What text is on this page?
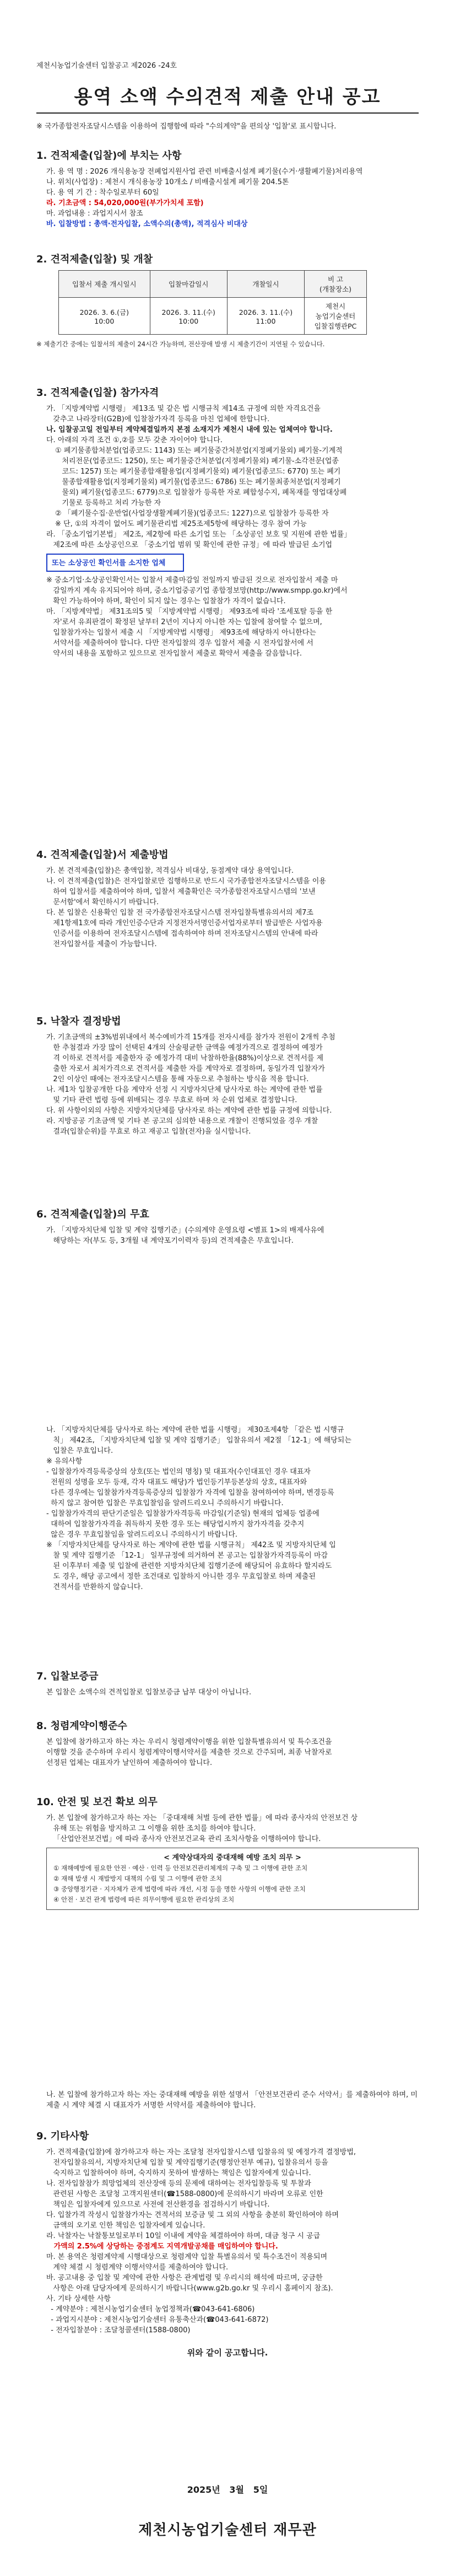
제천시농업기술센터 입찰공고 제2026 -24호
용역 소액 수의견적 제출 안내 공고
※ 국가종합전자조달시스템을 이용하여 집행함에 따라 "수의계약"을 편의상 '입찰'로 표시합니다.

1. 견적제출(입찰)에 부치는 사항

가. 용 역 명 : 2026 개식용농장 전폐업지원사업 관련 비배출시설계 폐기물(수거·생활폐기물)처리용역

나. 위치(사업장) : 제천시 개식용농장 10개소 / 비배출시설계 폐기물 204.5톤

다. 용 역 기 간 : 착수일로부터 60일

라. 기초금액 : 54,020,000원(부가가치세 포함)

마. 과업내용 : 과업지시서 참조

바. 입찰방법 : 총액·전자입찰, 소액수의(총액), 적격심사 비대상

2. 견적제출(입찰) 및 개찰

입찰서 제출 개시일시	입찰마감일시	개찰일시	비 고
(개찰장소)
2026. 3. 6.(금)
10:00	2026. 3. 11.(수)
10:00	2026. 3. 11.(수)
11:00	제천시
농업기술센터
입찰집행관PC

※ 제출기간 중에는 입찰서의 제출이 24시간 가능하며, 전산장애 발생 시 제출기간이 지연될 수 있습니다.

3. 견적제출(입찰) 참가자격

가. 「지방계약법 시행령」 제13조 및 같은 법 시행규칙 제14조 규정에 의한 자격요건을

갖추고 나라장터(G2B)에 입찰참가자격 등록을 마친 업체에 한합니다.

나. 입찰공고일 전일부터 계약체결일까지 본점 소재지가 제천시 내에 있는 업체여야 합니다.

다. 아래의 자격 조건 ①,②를 모두 갖춘 자이어야 합니다.

① 폐기물종합처분업(업종코드: 1143) 또는 폐기물중간처분업(지정폐기물외) 폐기물-기계적

처리전문(업종코드: 1250), 또는 폐기물중간처분업(지정폐기물외) 폐기물-소각전문(업종

코드: 1257) 또는 폐기물종합재활용업(지정폐기물외) 폐기물(업종코드: 6770) 또는 폐기

물종합재활용업(지정폐기물외) 폐기물(업종코드: 6786) 또는 폐기물최종처분업(지정폐기

물외) 폐기물(업종코드: 6779)으로 입찰참가 등록한 자로 폐합성수지, 폐목재를 영업대상폐

기물로 등록하고 처리 가능한 자

② 「폐기물수집·운반업(사업장생활계폐기물)(업종코드: 1227)으로 입찰참가 등록한 자

※ 단, ①의 자격이 없어도 폐기물관리법 제25조제5항에 해당하는 경우 참여 가능

라. 「중소기업기본법」 제2조, 제2항에 따른 소기업 또는 「소상공인 보호 및 지원에 관한 법률」

제2조에 따른 소상공인으로 「중소기업 범위 및 확인에 관한 규정」에 따라 발급된 소기업

또는 소상공인 확인서를 소지한 업체

※ 중소기업·소상공인확인서는 입찰서 제출마감일 전일까지 발급된 것으로 전자입찰서 제출 마

감일까지 계속 유지되어야 하며, 중소기업중공기업 종합정보망(http://www.smpp.go.kr)에서

확인 가능하여야 하며, 확인이 되지 않는 경우는 입찰참가 자격이 없습니다.

마. 「지방계약법」 제31조의5 및 「지방계약법 시행령」 제93조에 따라 '조세포탈 등을 한

자'로서 유죄판결이 확정된 날부터 2년이 지나지 아니한 자는 입찰에 참여할 수 없으며,

입찰참가자는 입찰서 제출 시 「지방계약법 시행령」 제93조에 해당하지 아니한다는

서약서를 제출하여야 합니다. 다만 전자입찰의 경우 입찰서 제출 시 전자입찰서에 서

약서의 내용을 포함하고 있으므로 전자입찰서 제출로 확약서 제출을 갈음합니다.

4. 견적제출(입찰)서 제출방법

가. 본 견적제출(입찰)은 총액입찰, 적격심사 비대상, 동점계약 대상 용역입니다.

나. 이 견적제출(입찰)은 전자입찰로만 집행하므로 반드시 국가종합전자조달시스템을 이용

하여 입찰서를 제출하여야 하며, 입찰서 제출확인은 국가종합전자조달시스템의 '보낸

문서함'에서 확인하시기 바랍니다.

다. 본 입찰은 신용확인 입찰 전 국가종합전자조달시스템 전자입찰특별유의서의 제7조

제1항제1호에 따라 개인인증수단과 지정전자서명인증서업자로부터 발급받은 사업자용

인증서를 이용하여 전자조달시스템에 접속하여야 하며 전자조달시스템의 안내에 따라

전자입찰서를 제출이 가능합니다.

5. 낙찰자 결정방법

가. 기초금액의 ±3%범위내에서 복수예비가격 15개를 전자시세를 참가자 전원이 2개씩 추첨

한 추첨결과 가장 많이 선택된 4개의 산술평균한 금액을 예정가격으로 결정하여 예정가

격 이하로 견적서를 제출한자 중 예정가격 대비 낙찰하한율(88%)이상으로 견적서를 제

출한 자로서 최저가격으로 견적서를 제출한 자를 계약자로 결정하며, 동일가격 입찰자가

2인 이상인 때에는 전자조달시스템을 통해 자동으로 추첨하는 방식을 적용 합니다.

나. 제1차 입찰공개한 다음 계약자 선정 시 지방자치단체 당사자로 하는 계약에 관한 법률

및 기타 관련 법령 등에 위배되는 경우 무효로 하며 차 순위 업체로 결정합니다.

다. 위 사항이외의 사항은 지방자치단체를 당사자로 하는 계약에 관한 법률 규정에 의합니다.

라. 지방공공 기초금액 및 기타 본 공고의 심의한 내용으로 개찰이 진행되었을 경우 개찰

결과(입찰순위)를 무효로 하고 재공고 입찰(전자)을 실시합니다.

6. 견적제출(입찰)의 무효

가. 「지방자치단체 입찰 및 계약 집행기준」(수의계약 운영요령 <별표 1>의 배제사유에

해당하는 자(부도 등, 3개월 내 계약포기이력자 등)의 견적제출은 무효입니다.

나. 「지방자치단체를 당사자로 하는 계약에 관한 법률 시행령」 제30조제4항 「같은 법 시행규

칙」 제42조, 「지방자치단체 입찰 및 계약 집행기준」 입찰유의서 제2절 「12-1」에 해당되는

입찰은 무효입니다.

※ 유의사항

- 입찰참가자격등록증상의 상호(또는 법인의 명칭) 및 대표자(수인대표인 경우 대표자

전원의 성명을 모두 등재, 각자 대표도 해당)가 법인등기부등본상의 상호, 대표자와

다른 경우에는 입찰참가자격등록증상의 입찰참가 자격에 입찰을 참여하여야 하며, 변경등록

하지 않고 참여한 입찰은 무효입찰임을 알려드리오니 주의하시기 바랍니다.

- 입찰참가자격의 판단기준일은 입찰참가자격등록 마감일(기준일) 현재의 업체등 업종에

대하여 입찰참가자격을 취득하지 못한 경우 또는 해당업시까지 참가자격을 갖추지

않은 경우 무효입찰임을 알려드리오니 주의하시기 바랍니다.

※ 「지방자치단체를 당사자로 하는 계약에 관한 법률 시행규칙」 제42조 및 지방자치단체 입

찰 및 계약 집행기준 「12-1」 일부규정에 의거하여 본 공고는 입찰참가자격등록이 마감

된 이후부터 제출 및 입찰에 관련한 지방자치단체 집행기준에 해당되어 유효하다 할지라도

도 경우, 해당 공고에서 정한 조건대로 입찰하지 아니한 경우 무효입찰로 하며 제출된

견적서를 반환하지 않습니다.

7. 입찰보증금

본 입찰은 소액수의 견적입찰로 입찰보증금 납부 대상이 아닙니다.

8. 청렴계약이행준수

본 입찰에 참가하고자 하는 자는 우리시 청렴계약이행을 위한 입찰특별유의서 및 특수조건을

이행할 것을 준수하며 우리시 청렴계약이행서약서를 제출한 것으로 간주되며, 최종 낙찰자로

선정된 업체는 대표자가 날인하여 제출하여야 합니다.

10. 안전 및 보건 확보 의무

가. 본 입찰에 참가하고자 하는 자는 「중대재해 처벌 등에 관한 법률」에 따라 종사자의 안전보건 상

유해 또는 위험을 방지하고 그 이행을 위한 조치를 하여야 합니다.

「산업안전보건법」에 따라 종사자 안전보건교육 관리 조치사항을 이행하여야 합니다.

< 계약상대자의 중대재해 예방 조치 의무 >

① 재해예방에 필요한 안전 · 예산 · 인력 등 안전보건관리체계의 구축 및 그 이행에 관한 조치

② 재해 발생 시 재발방지 대책의 수립 및 그 이행에 관한 조치

③ 중앙행정기관 · 지자체가 관계 법령에 따라 개선, 시정 등을 명한 사항의 이행에 관한 조치

④ 안전 · 보건 관계 법령에 따른 의무이행에 필요한 관리상의 조치

나. 본 입찰에 참가하고자 하는 자는 중대재해 예방을 위한 설명서 「안전보건관리 준수 서약서」를 제출하여야 하며, 미제출 시 계약 체결 시 대표자가 서명한 서약서를 제출하여야 합니다.

9. 기타사항

가. 견적제출(입찰)에 참가하고자 하는 자는 조달청 전자입찰시스템 입찰유의 및 예정가격 결정방법,

전자입찰유의서, 지방자치단체 입찰 및 계약집행기준(행정안전부 예규), 입찰유의서 등을

숙지하고 입찰하여야 하며, 숙지하지 못하여 발생하는 책임은 입찰자에게 있습니다.

나. 전자입찰참가 희망업체의 전산장애 등의 문제에 대하여는 전자입찰등록 및 투찰과

관련된 사항은 조달청 고객지원센터(☎1588-0800)에 문의하시기 바라며 오류로 인한

책임은 입찰자에게 있으므로 사전에 전산환경을 점검하시기 바랍니다.

다. 입찰가격 작성시 입찰참가자는 견적서의 보증금 및 그 외의 사항을 충분히 확인하여야 하며

금액의 오기로 인한 책임은 입찰자에게 있습니다.

라. 낙찰자는 낙찰통보일로부터 10일 이내에 계약을 체결하여야 하며, 대금 청구 시 공급

가액의 2.5%에 상당하는 중점계도 지역개발공채를 매입하여야 합니다.

마. 본 용역은 청렴계약제 시행대상으로 청렴계약 입찰 특별유의서 및 특수조건이 적용되며

계약 체결 시 청렴계약 이행서약서를 제출하여야 합니다.

바. 공고내용 중 입찰 및 계약에 관한 사항은 관계법령 및 우리시의 해석에 따르며, 궁금한

사항은 아래 담당자에게 문의하시기 바랍니다(www.g2b.go.kr 및 우리시 홈페이지 참조).

사. 기타 상세한 사항

- 계약분야 : 제천시농업기술센터 농업정책과(☎043-641-6806)

- 과업지시분야 : 제천시농업기술센터 유통축산과(☎043-641-6872)

- 전자입찰분야 : 조달청콜센터(1588-0800)

위와 같이 공고합니다.

2025년   3월   5일
제천시농업기술센터 재무관
